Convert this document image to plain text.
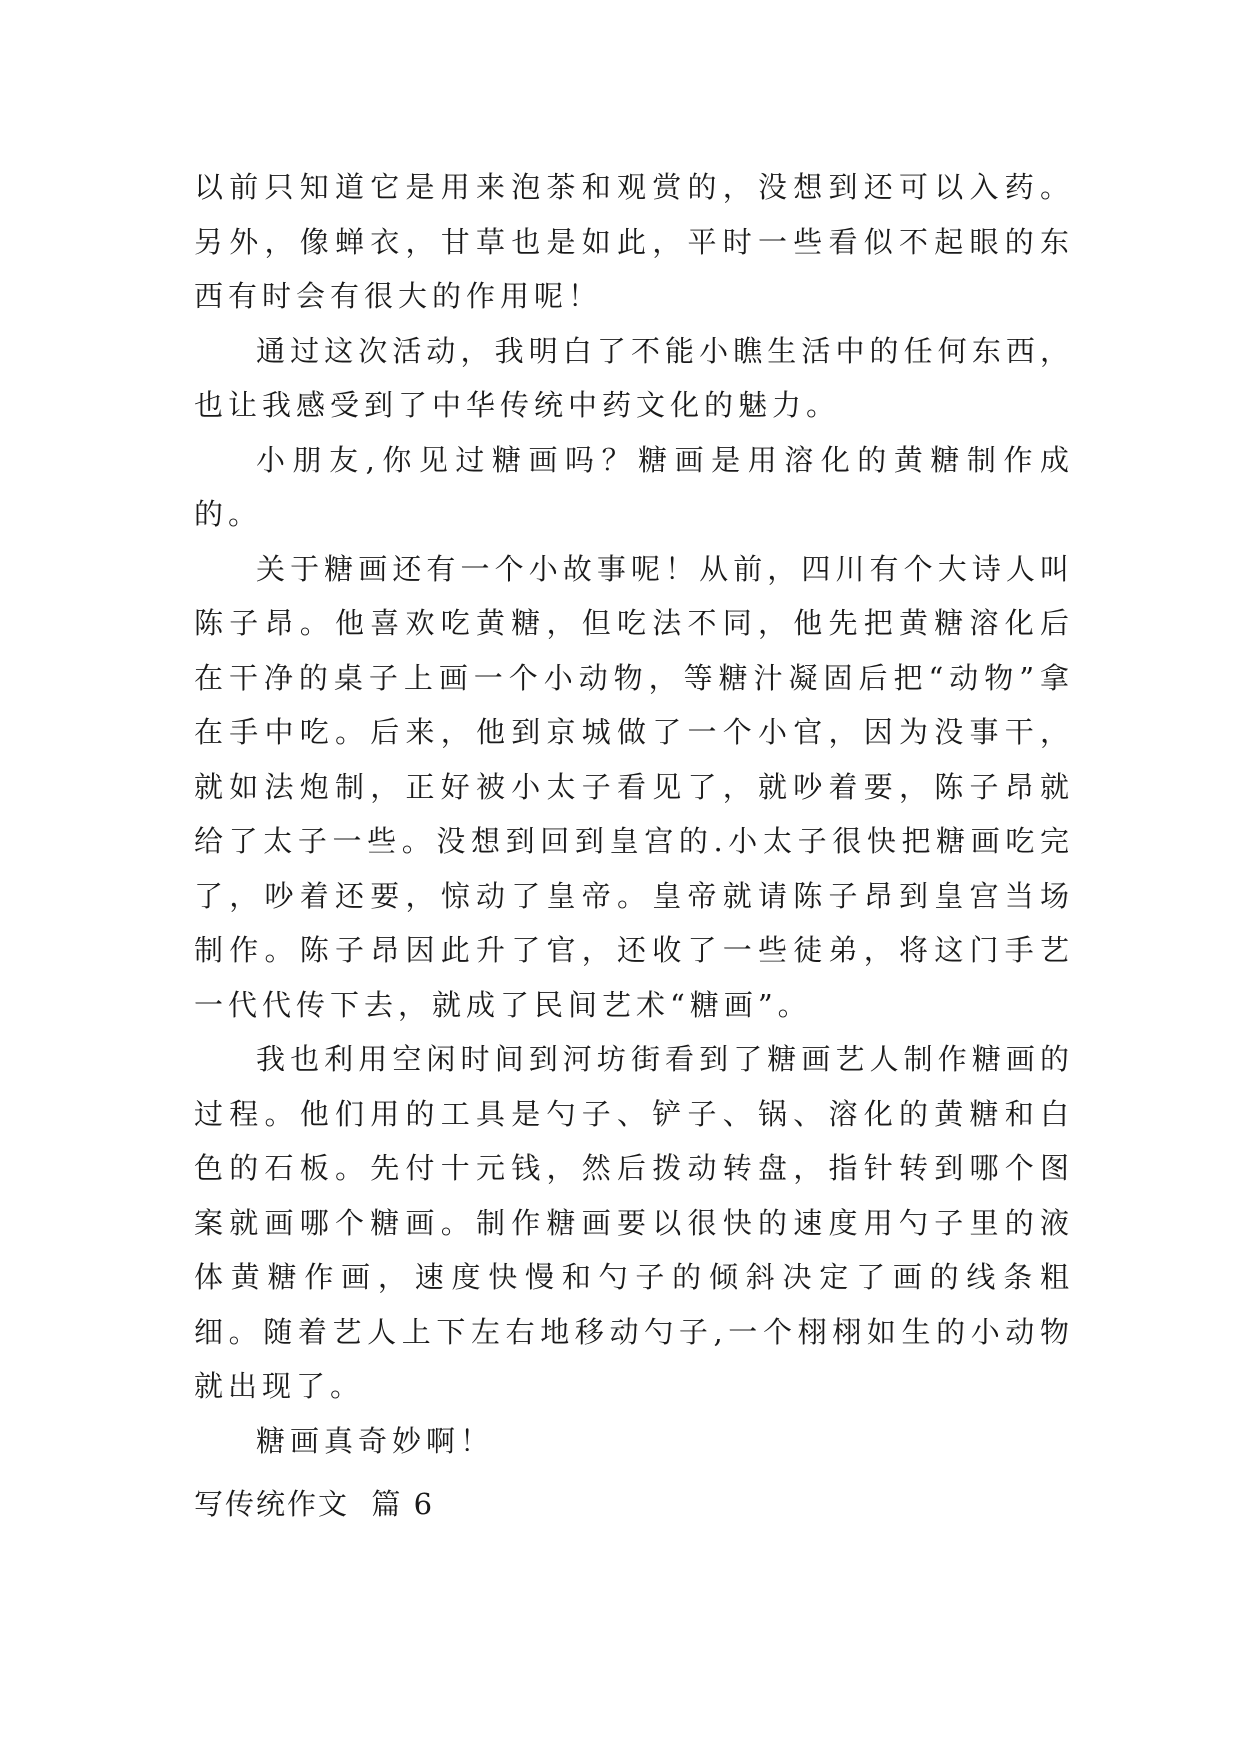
以前只知道它是用来泡茶和观赏的，没想到还可以入药。另外，像蝉衣，甘草也是如此，平时一些看似不起眼的东西有时会有很大的作用呢！

通过这次活动，我明白了不能小瞧生活中的任何东西，也让我感受到了中华传统中药文化的魅力。

小朋友,你见过糖画吗？糖画是用溶化的黄糖制作成的。

关于糖画还有一个小故事呢！从前，四川有个大诗人叫陈子昂。他喜欢吃黄糖，但吃法不同，他先把黄糖溶化后在干净的桌子上画一个小动物，等糖汁凝固后把“动物”拿在手中吃。后来，他到京城做了一个小官，因为没事干，就如法炮制，正好被小太子看见了，就吵着要，陈子昂就给了太子一些。没想到回到皇宫的.小太子很快把糖画吃完了，吵着还要，惊动了皇帝。皇帝就请陈子昂到皇宫当场制作。陈子昂因此升了官，还收了一些徒弟，将这门手艺一代代传下去，就成了民间艺术“糖画”。

我也利用空闲时间到河坊街看到了糖画艺人制作糖画的过程。他们用的工具是勺子、铲子、锅、溶化的黄糖和白色的石板。先付十元钱，然后拨动转盘，指针转到哪个图案就画哪个糖画。制作糖画要以很快的速度用勺子里的液体黄糖作画，速度快慢和勺子的倾斜决定了画的线条粗细。随着艺人上下左右地移动勺子,一个栩栩如生的小动物就出现了。

糖画真奇妙啊！

写传统作文  篇 6
